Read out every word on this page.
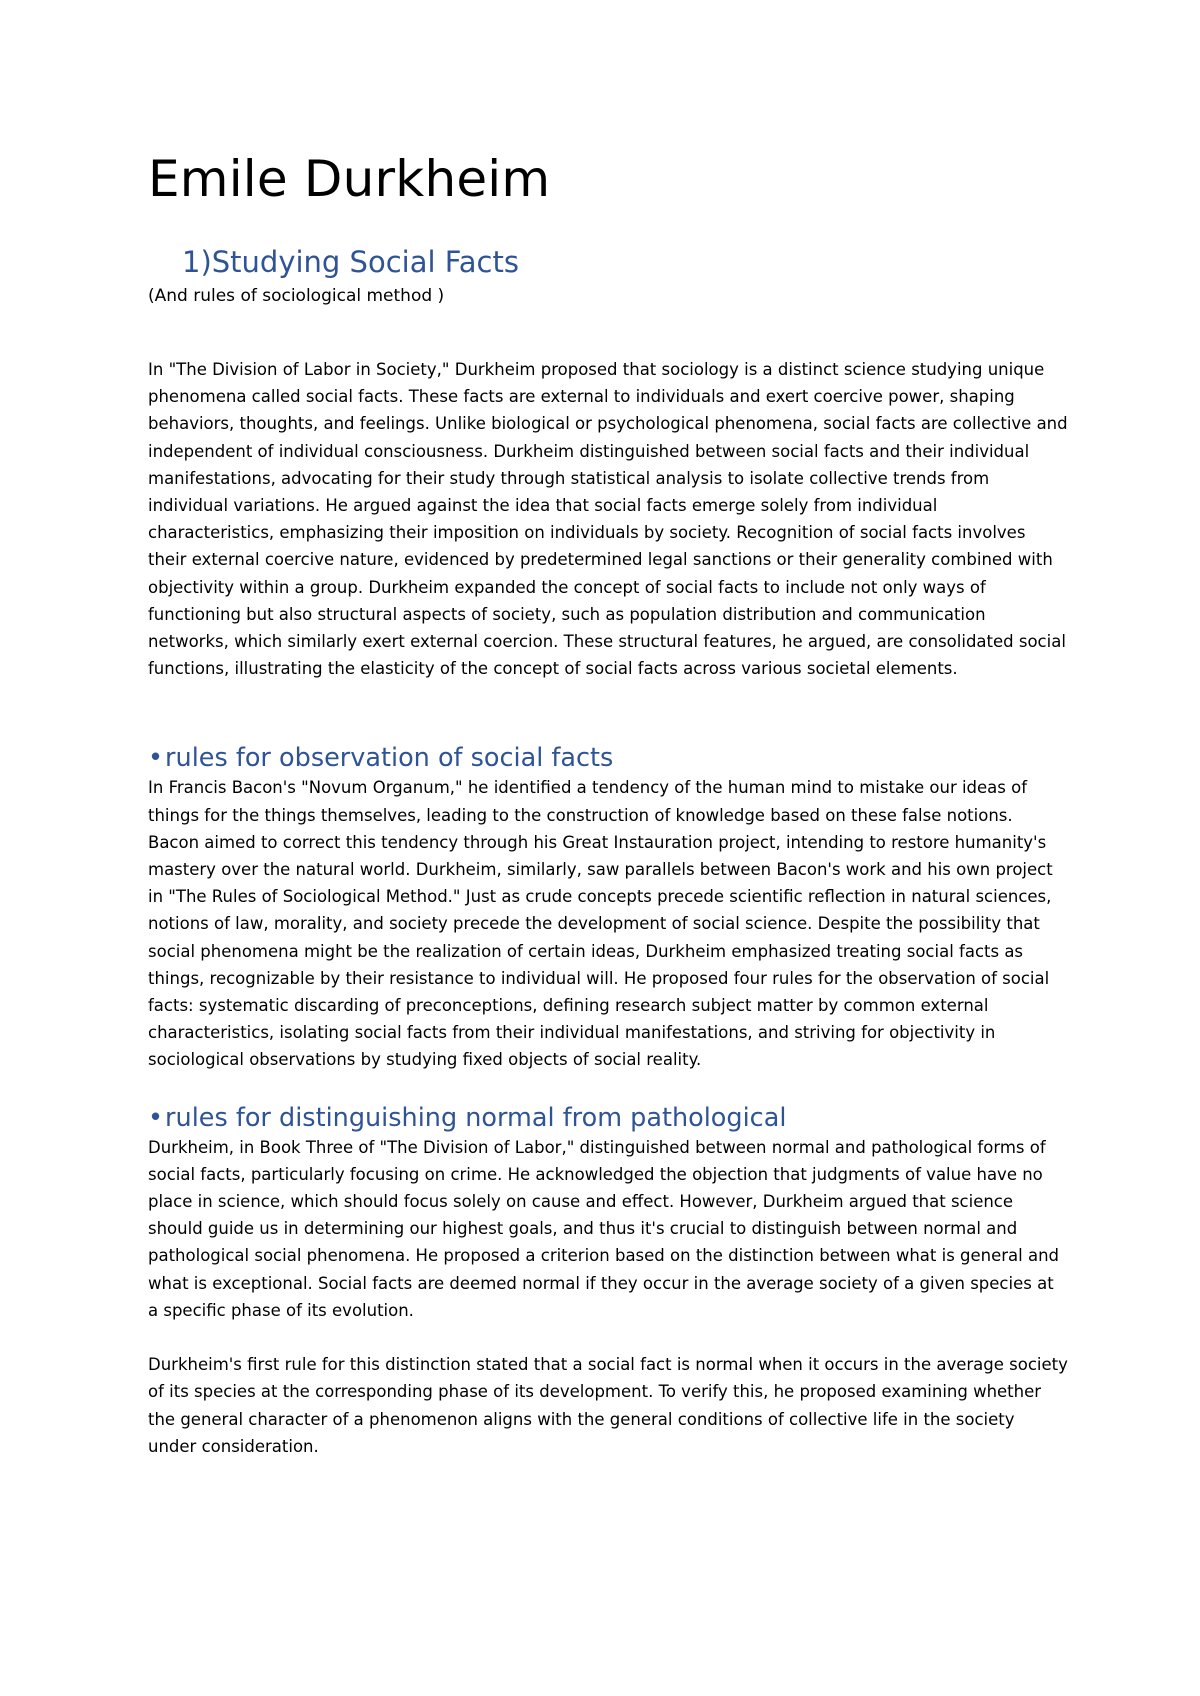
Emile Durkheim
1)Studying Social Facts

(And rules of sociological method )

In "The Division of Labor in Society," Durkheim proposed that sociology is a distinct science studying unique phenomena called social facts. These facts are external to individuals and exert coercive power, shaping behaviors, thoughts, and feelings. Unlike biological or psychological phenomena, social facts are collective and independent of individual consciousness. Durkheim distinguished between social facts and their individual manifestations, advocating for their study through statistical analysis to isolate collective trends from individual variations. He argued against the idea that social facts emerge solely from individual characteristics, emphasizing their imposition on individuals by society. Recognition of social facts involves their external coercive nature, evidenced by predetermined legal sanctions or their generality combined with objectivity within a group. Durkheim expanded the concept of social facts to include not only ways of functioning but also structural aspects of society, such as population distribution and communication networks, which similarly exert external coercion. These structural features, he argued, are consolidated social functions, illustrating the elasticity of the concept of social facts across various societal elements.

•rules for observation of social facts

In Francis Bacon's "Novum Organum," he identified a tendency of the human mind to mistake our ideas of things for the things themselves, leading to the construction of knowledge based on these false notions. Bacon aimed to correct this tendency through his Great Instauration project, intending to restore humanity's mastery over the natural world. Durkheim, similarly, saw parallels between Bacon's work and his own project in "The Rules of Sociological Method." Just as crude concepts precede scientific reflection in natural sciences, notions of law, morality, and society precede the development of social science. Despite the possibility that social phenomena might be the realization of certain ideas, Durkheim emphasized treating social facts as things, recognizable by their resistance to individual will. He proposed four rules for the observation of social facts: systematic discarding of preconceptions, defining research subject matter by common external characteristics, isolating social facts from their individual manifestations, and striving for objectivity in sociological observations by studying fixed objects of social reality.

•rules for distinguishing normal from pathological

Durkheim, in Book Three of "The Division of Labor," distinguished between normal and pathological forms of social facts, particularly focusing on crime. He acknowledged the objection that judgments of value have no place in science, which should focus solely on cause and effect. However, Durkheim argued that science should guide us in determining our highest goals, and thus it's crucial to distinguish between normal and pathological social phenomena. He proposed a criterion based on the distinction between what is general and what is exceptional. Social facts are deemed normal if they occur in the average society of a given species at a specific phase of its evolution.

Durkheim's first rule for this distinction stated that a social fact is normal when it occurs in the average society of its species at the corresponding phase of its development. To verify this, he proposed examining whether the general character of a phenomenon aligns with the general conditions of collective life in the society under consideration.
